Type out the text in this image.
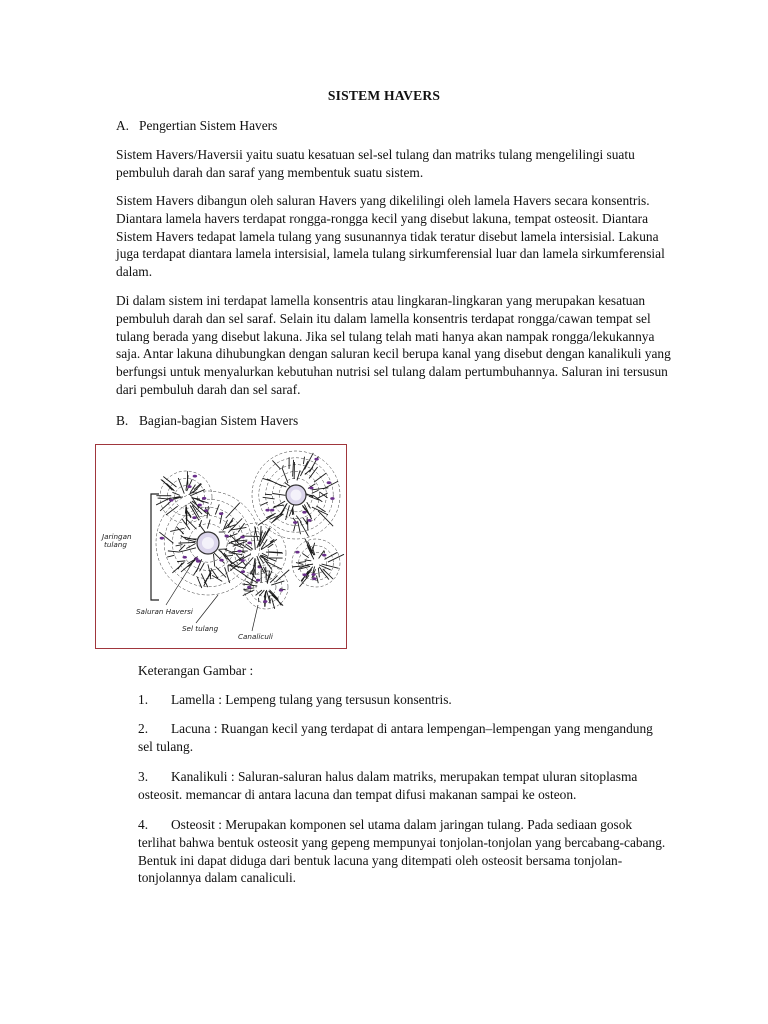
SISTEM HAVERS
A. Pengertian Sistem Havers

Sistem Havers/Haversii yaitu suatu kesatuan sel-sel tulang dan matriks tulang mengelilingi suatu pembuluh darah dan saraf yang membentuk suatu sistem.

Sistem Havers dibangun oleh saluran Havers yang dikelilingi oleh lamela Havers secara konsentris. Diantara lamela havers terdapat rongga-rongga kecil yang disebut lakuna, tempat osteosit. Diantara Sistem Havers tedapat lamela tulang yang susunannya tidak teratur disebut lamela intersisial. Lakuna juga terdapat diantara lamela intersisial, lamela tulang sirkumferensial luar dan lamela sirkumferensial dalam.

Di dalam sistem ini terdapat lamella konsentris atau lingkaran-lingkaran yang merupakan kesatuan pembuluh darah dan sel saraf. Selain itu dalam lamella konsentris terdapat rongga/cawan tempat sel tulang berada yang disebut lakuna. Jika sel tulang telah mati hanya akan nampak rongga/lekukannya saja. Antar lakuna dihubungkan dengan saluran kecil berupa kanal yang disebut dengan kanalikuli yang berfungsi untuk menyalurkan kebutuhan nutrisi sel tulang dalam pertumbuhannya. Saluran ini tersusun dari pembuluh darah dan sel saraf.

B. Bagian-bagian Sistem Havers
Jaringan
tulang
Saluran Haversi
Sel tulang
Canaliculi
Keterangan Gambar :
1. Lamella : Lempeng tulang yang tersusun konsentris.
2. Lacuna : Ruangan kecil yang terdapat di antara lempengan–lempengan yang mengandung sel tulang.
3. Kanalikuli : Saluran-saluran halus dalam matriks, merupakan tempat uluran sitoplasma osteosit. memancar di antara lacuna dan tempat difusi makanan sampai ke osteon.
4. Osteosit : Merupakan komponen sel utama dalam jaringan tulang. Pada sediaan gosok terlihat bahwa bentuk osteosit yang gepeng mempunyai tonjolan-tonjolan yang bercabang-cabang. Bentuk ini dapat diduga dari bentuk lacuna yang ditempati oleh osteosit bersama tonjolan-tonjolannya dalam canaliculi.
